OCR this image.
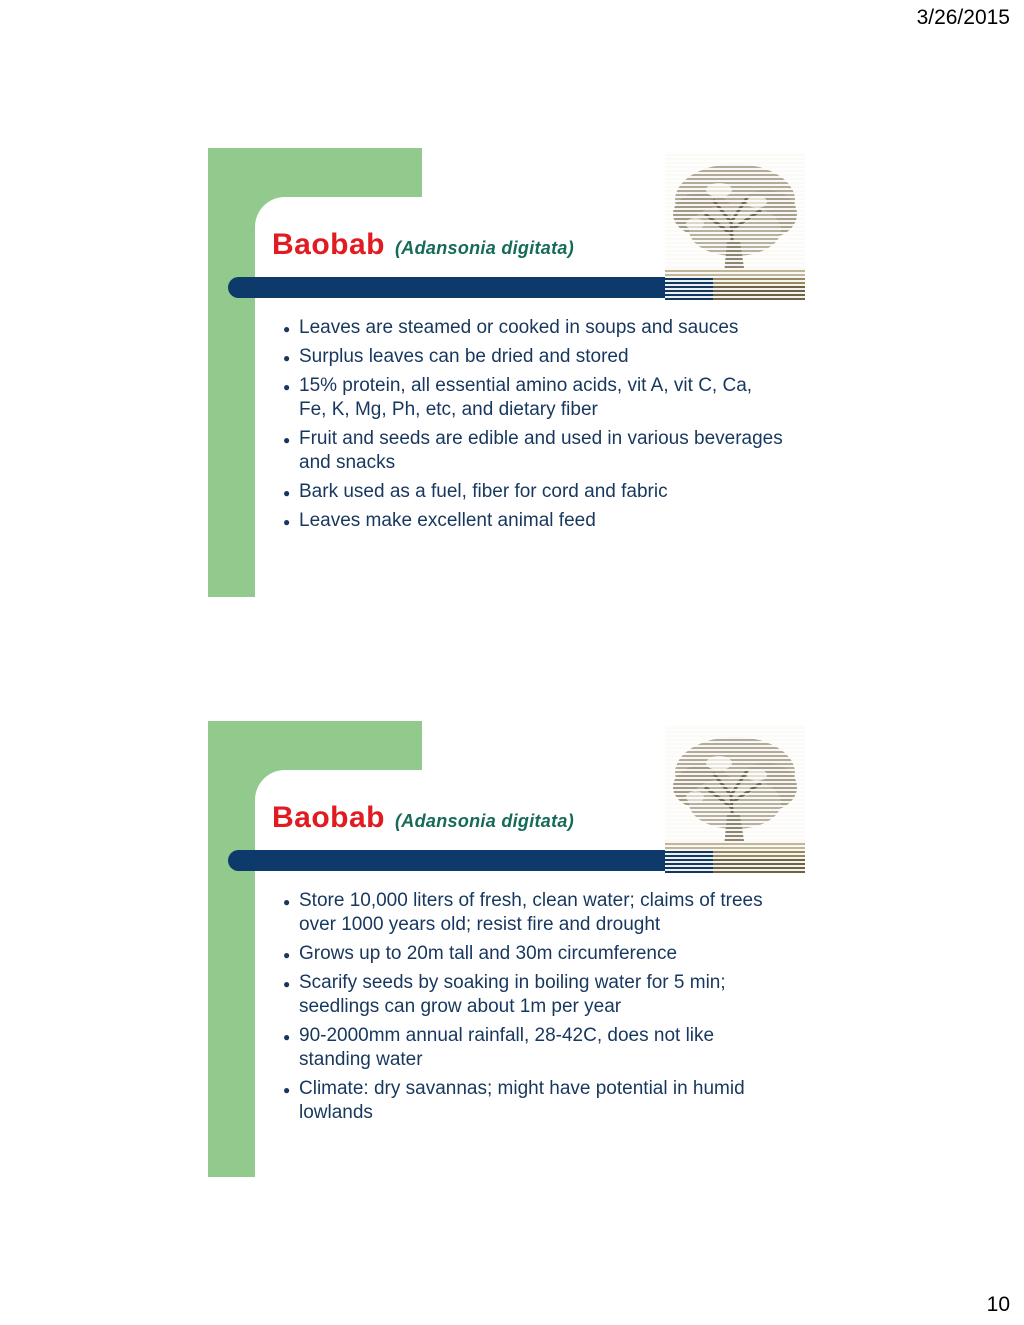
3/26/2015
Baobab (Adansonia digitata)
● Leaves are steamed or cooked in soups and sauces
● Surplus leaves can be dried and stored
● 15% protein, all essential amino acids, vit A, vit C, Ca, Fe, K, Mg, Ph, etc, and dietary fiber
● Fruit and seeds are edible and used in various beverages and snacks
● Bark used as a fuel, fiber for cord and fabric
● Leaves make excellent animal feed
Baobab (Adansonia digitata)
● Store 10,000 liters of fresh, clean water; claims of trees over 1000 years old; resist fire and drought
● Grows up to 20m tall and 30m circumference
● Scarify seeds by soaking in boiling water for 5 min; seedlings can grow about 1m per year
● 90-2000mm annual rainfall, 28-42C, does not like standing water
● Climate: dry savannas; might have potential in humid lowlands
10
